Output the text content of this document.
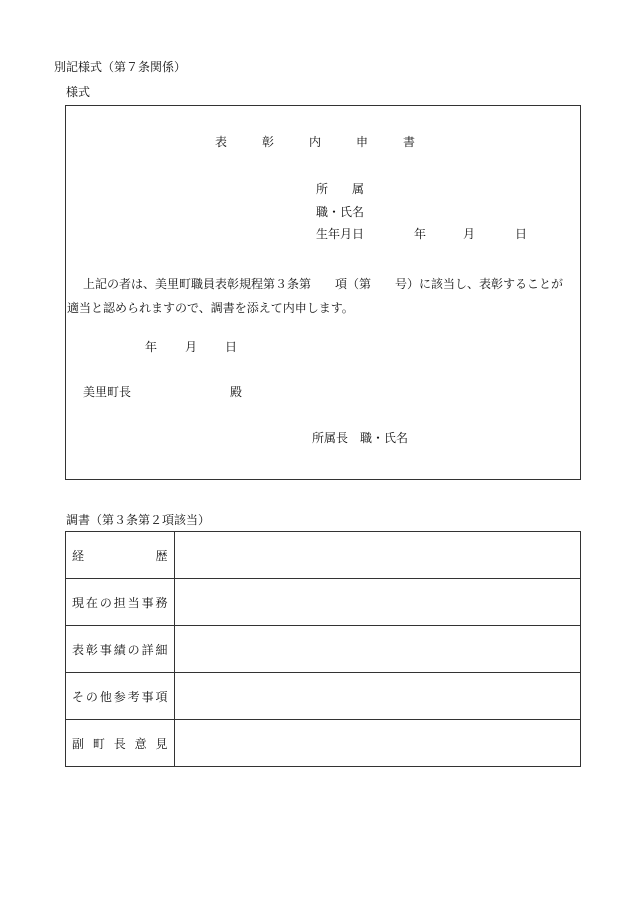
別記様式（第７条関係）
様式
表	彰	内	申	書
所　　属
職・氏名
生年月日	年	月	日
上記の者は、美里町職員表彰規程第３条第　　項（第　　号）に該当し、表彰することが
適当と認められますので、調書を添えて内申します。
年 月 日
美里町長	殿
所属長　職・氏名
調書（第３条第２項該当）
経　　　歴	
現在の担当事務	
表彰事績の詳細	
その他参考事項	
副町長意見	
